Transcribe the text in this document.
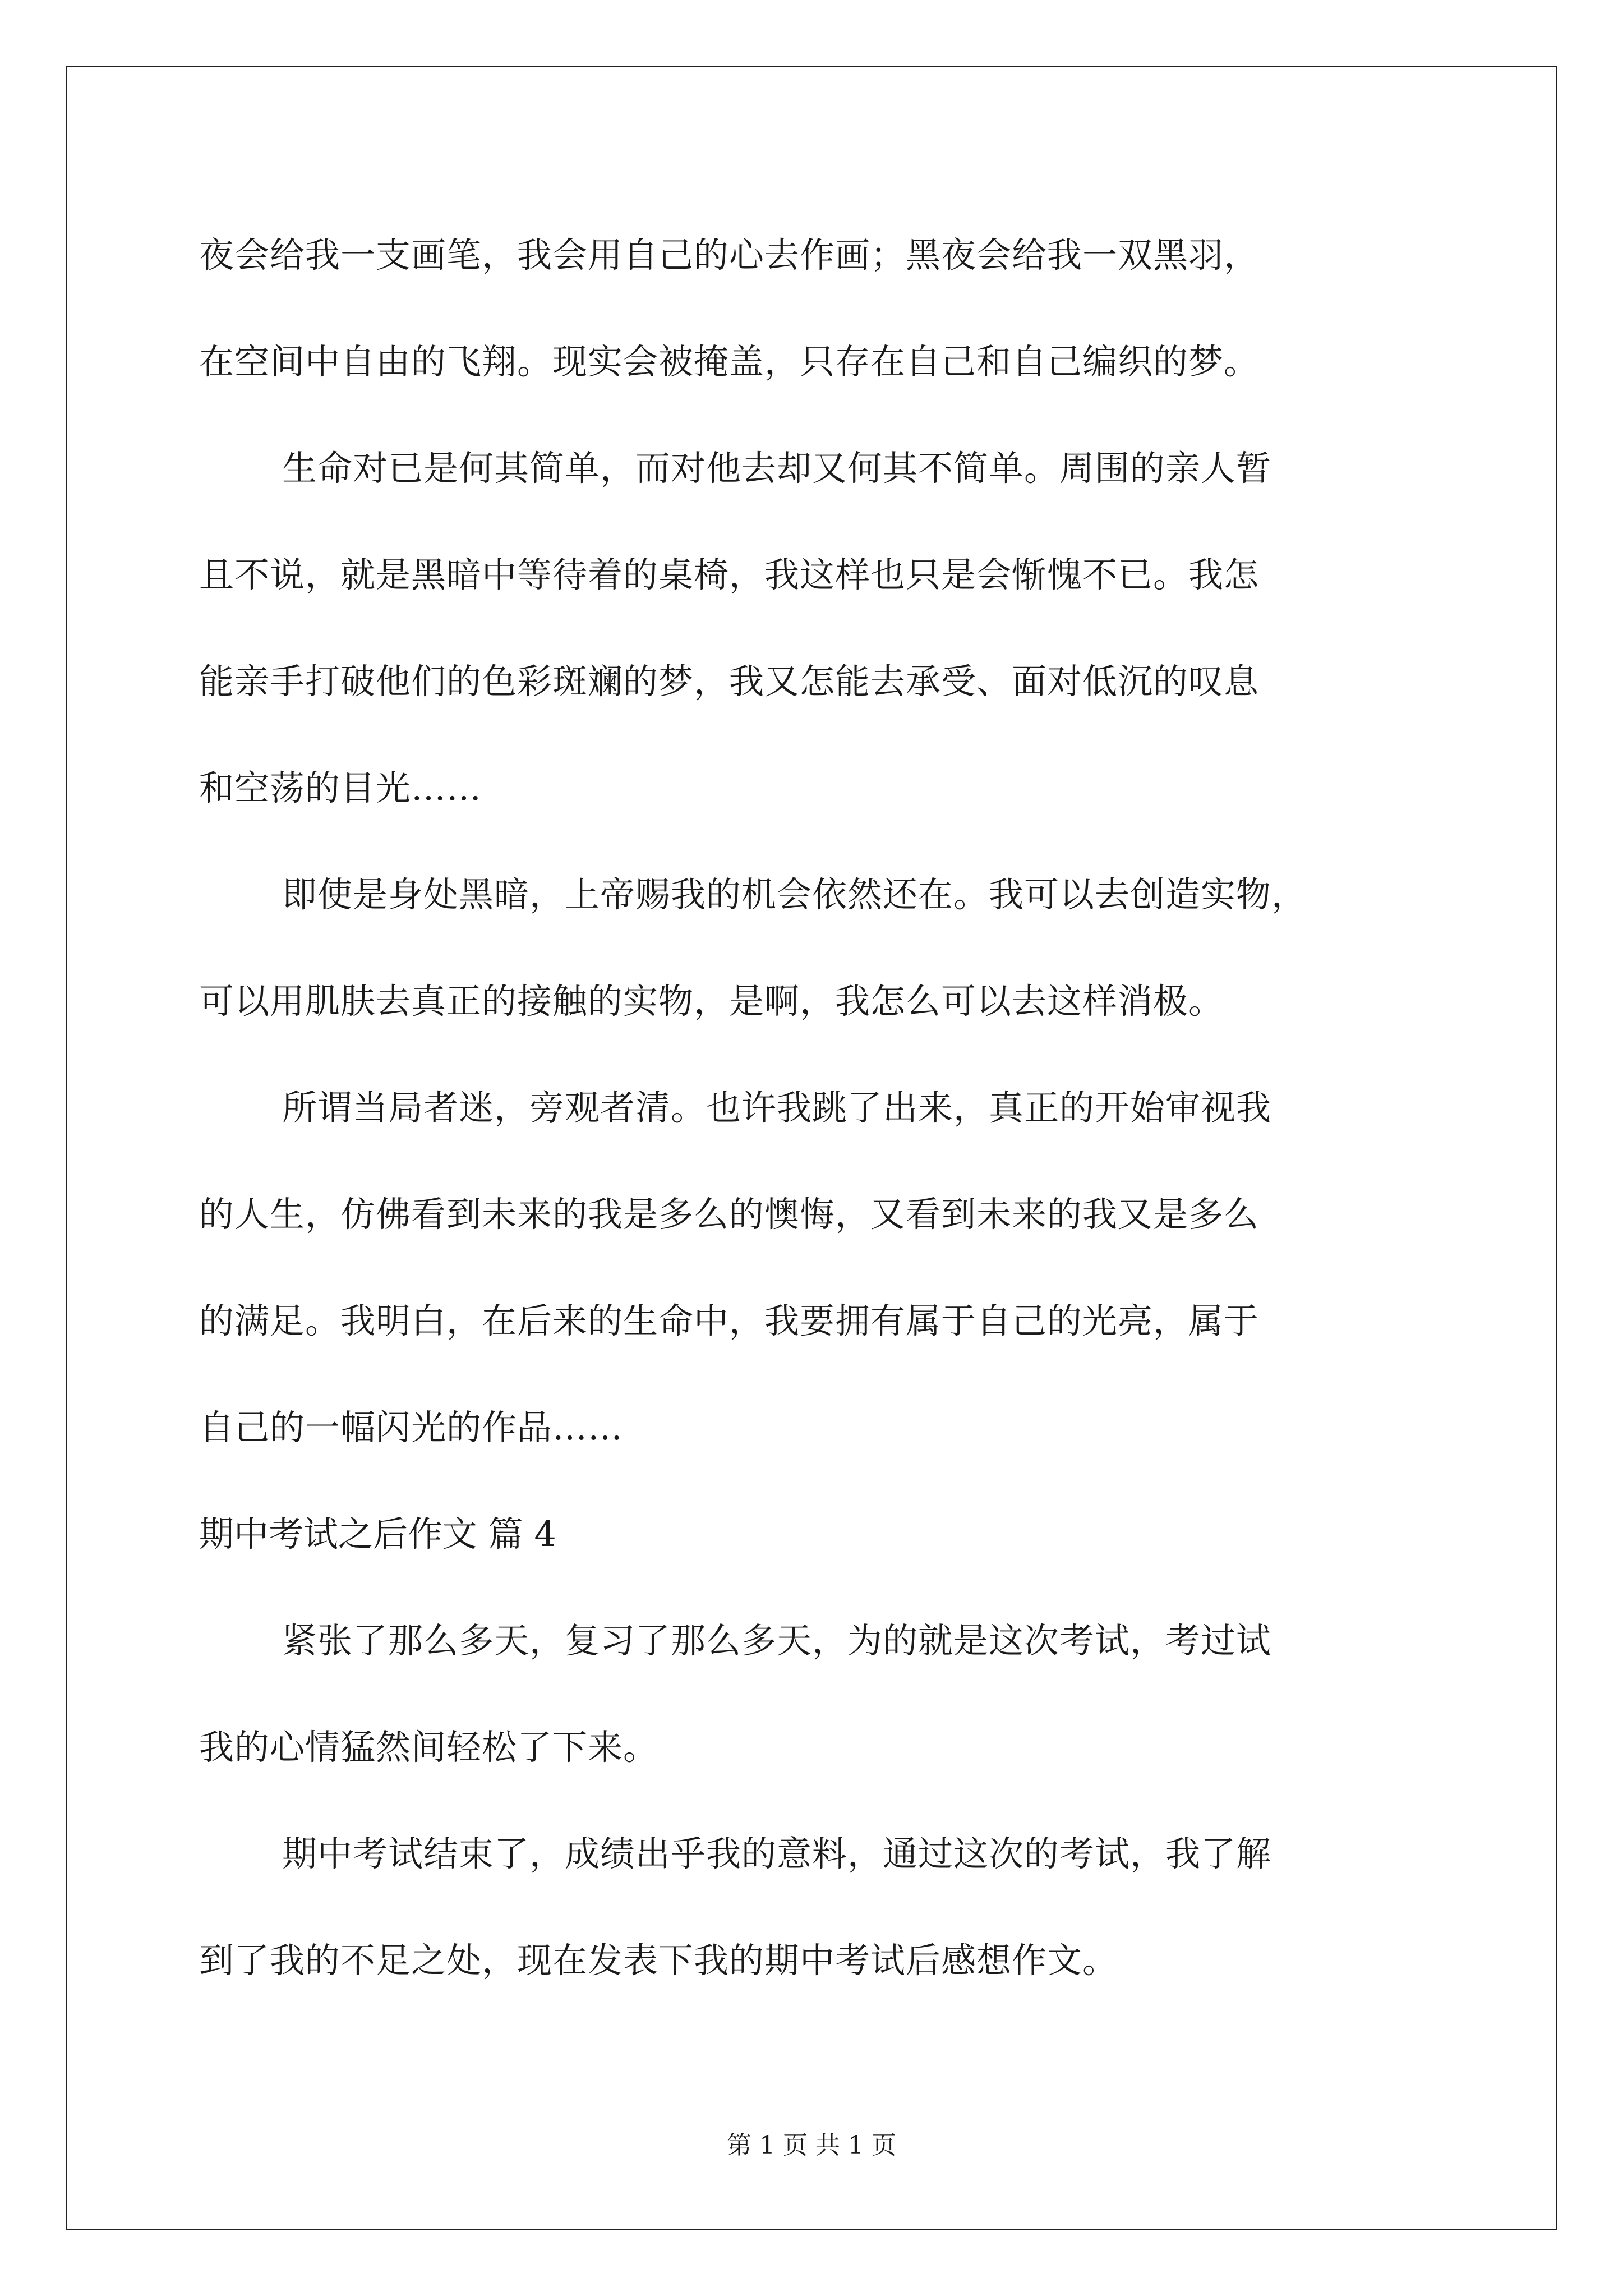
夜会给我一支画笔，我会用自己的心去作画；黑夜会给我一双黑羽，
在空间中自由的飞翔。现实会被掩盖，只存在自己和自己编织的梦。
生命对已是何其简单，而对他去却又何其不简单。周围的亲人暂
且不说，就是黑暗中等待着的桌椅，我这样也只是会惭愧不已。我怎
能亲手打破他们的色彩斑斓的梦，我又怎能去承受、面对低沉的叹息
和空荡的目光……
即使是身处黑暗，上帝赐我的机会依然还在。我可以去创造实物，
可以用肌肤去真正的接触的实物，是啊，我怎么可以去这样消极。
所谓当局者迷，旁观者清。也许我跳了出来，真正的开始审视我
的人生，仿佛看到未来的我是多么的懊悔，又看到未来的我又是多么
的满足。我明白，在后来的生命中，我要拥有属于自己的光亮，属于
自己的一幅闪光的作品……
期中考试之后作文 篇 4
紧张了那么多天，复习了那么多天，为的就是这次考试，考过试
我的心情猛然间轻松了下来。
期中考试结束了，成绩出乎我的意料，通过这次的考试，我了解
到了我的不足之处，现在发表下我的期中考试后感想作文。
第 1 页 共 1 页
